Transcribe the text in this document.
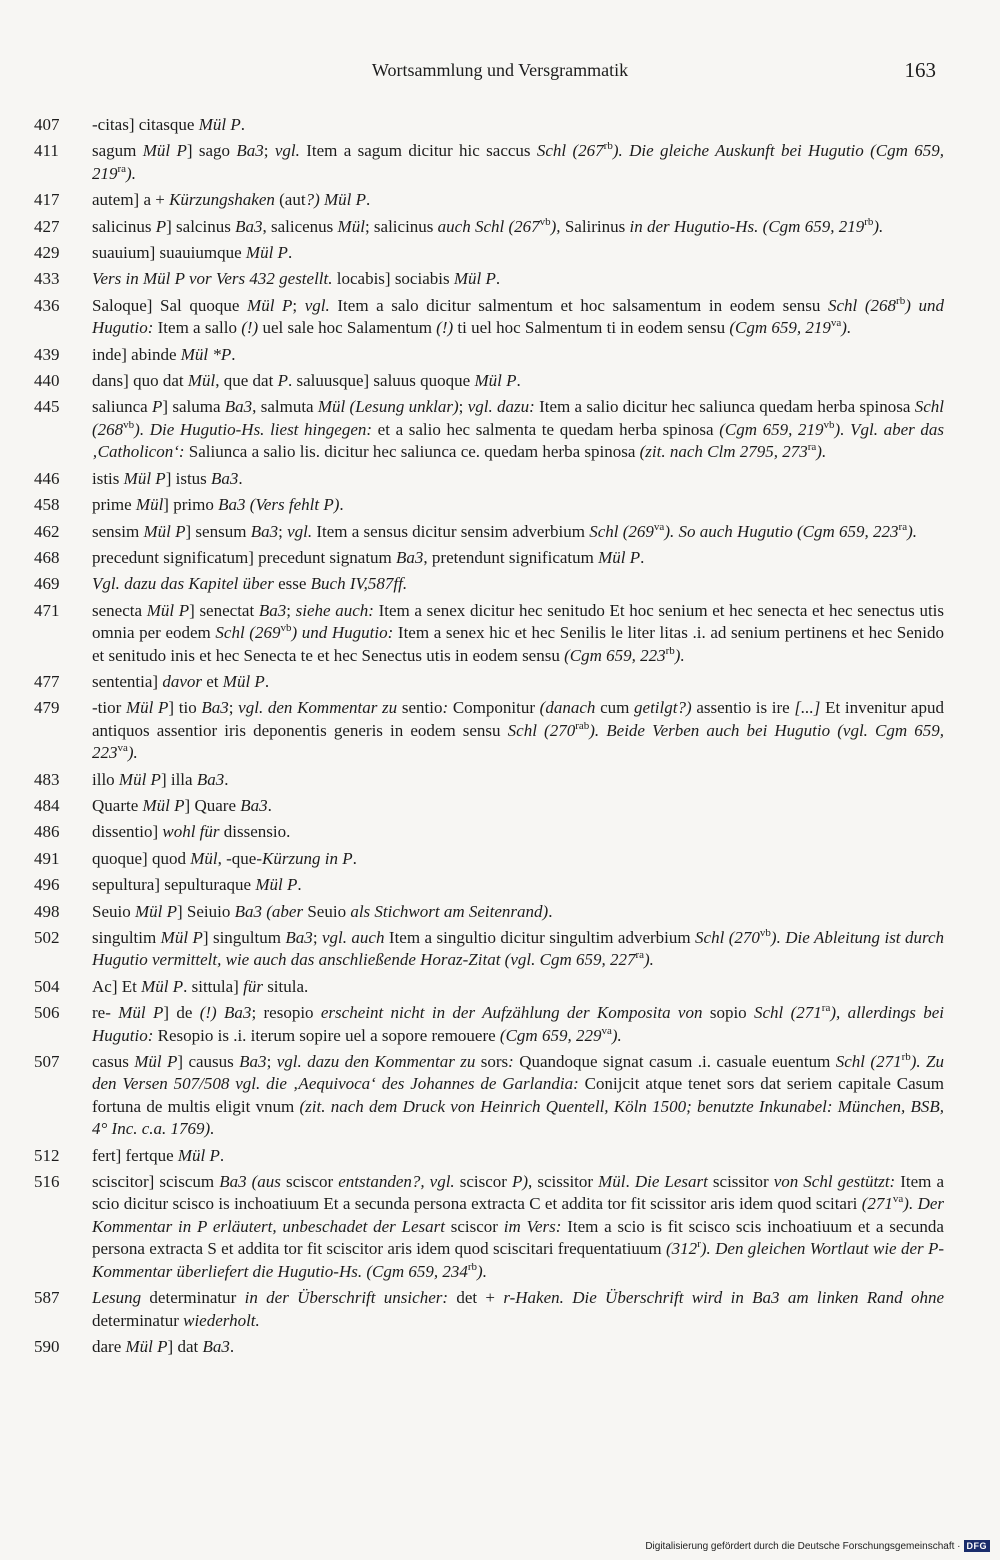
Wortsammlung und Versgrammatik	163
407	-citas] citasque Mül P.
411	sagum Mül P] sago Ba3; vgl. Item a sagum dicitur hic saccus Schl $(267^{rb})$. Die gleiche Auskunft bei Hugutio (Cgm 659, $219^{ra}$).
417	autem] a + Kürzungshaken (aut?) Mül P.
427	salicinus P] salcinus Ba3, salicenus Mül; salicinus auch Schl $(267^{vb})$, Salirinus in der Hugutio-Hs. (Cgm 659, $219^{rb}$).
429	suauium] suauiumque Mül P.
433	Vers in Mül P vor Vers 432 gestellt. locabis] sociabis Mül P.
436	Saloque] Sal quoque Mül P; vgl. Item a salo dicitur salmentum et hoc salsamentum in eodem sensu Schl $(268^{rb})$ und Hugutio: Item a sallo (!) uel sale hoc Salamentum (!) ti uel hoc Salmentum ti in eodem sensu (Cgm 659, $219^{va}$).
439	inde] abinde Mül *P.
440	dans] quo dat Mül, que dat P. saluusque] saluus quoque Mül P.
445	saliunca P] saluma Ba3, salmuta Mül (Lesung unklar); vgl. dazu: Item a salio dicitur hec saliunca quedam herba spinosa Schl $(268^{vb})$. Die Hugutio-Hs. liest hingegen: et a salio hec salmenta te quedam herba spinosa (Cgm 659, $219^{vb}$). Vgl. aber das ‚Catholicon‘: Saliunca a salio lis. dicitur hec saliunca ce. quedam herba spinosa (zit. nach Clm 2795, $273^{ra}$).
446	istis Mül P] istus Ba3.
458	prime Mül] primo Ba3 (Vers fehlt P).
462	sensim Mül P] sensum Ba3; vgl. Item a sensus dicitur sensim adverbium Schl $(269^{va})$. So auch Hugutio (Cgm 659, $223^{ra}$).
468	precedunt significatum] precedunt signatum Ba3, pretendunt significatum Mül P.
469	Vgl. dazu das Kapitel über esse Buch IV,587ff.
471	senecta Mül P] senectat Ba3; siehe auch: Item a senex dicitur hec senitudo Et hoc senium et hec senecta et hec senectus utis omnia per eodem Schl $(269^{vb})$ und Hugutio: Item a senex hic et hec Senilis le liter litas .i. ad senium pertinens et hec Senido et senitudo inis et hec Senecta te et hec Senectus utis in eodem sensu (Cgm 659, $223^{rb}$).
477	sententia] davor et Mül P.
479	-tior Mül P] tio Ba3; vgl. den Kommentar zu sentio: Componitur (danach cum getilgt?) assentio is ire [...] Et invenitur apud antiquos assentior iris deponentis generis in eodem sensu Schl $(270^{rab})$. Beide Verben auch bei Hugutio (vgl. Cgm 659, $223^{va}$).
483	illo Mül P] illa Ba3.
484	Quarte Mül P] Quare Ba3.
486	dissentio] wohl für dissensio.
491	quoque] quod Mül, -que-Kürzung in P.
496	sepultura] sepulturaque Mül P.
498	Seuio Mül P] Seiuio Ba3 (aber Seuio als Stichwort am Seitenrand).
502	singultim Mül P] singultum Ba3; vgl. auch Item a singultio dicitur singultim adverbium Schl $(270^{vb})$. Die Ableitung ist durch Hugutio vermittelt, wie auch das anschließende Horaz-Zitat (vgl. Cgm 659, $227^{ra}$).
504	Ac] Et Mül P. sittula] für situla.
506	re- Mül P] de (!) Ba3; resopio erscheint nicht in der Aufzählung der Komposita von sopio Schl $(271^{ra})$, allerdings bei Hugutio: Resopio is .i. iterum sopire uel a sopore remouere (Cgm 659, $229^{va}$).
507	casus Mül P] causus Ba3; vgl. dazu den Kommentar zu sors: Quandoque signat casum .i. casuale euentum Schl $(271^{rb})$. Zu den Versen 507/508 vgl. die ‚Aequivoca‘ des Johannes de Garlandia: Conijcit atque tenet sors dat seriem capitale Casum fortuna de multis eligit vnum (zit. nach dem Druck von Heinrich Quentell, Köln 1500; benutzte Inkunabel: München, BSB, 4° Inc. c.a. 1769).
512	fert] fertque Mül P.
516	sciscitor] sciscum Ba3 (aus sciscor entstanden?, vgl. sciscor P), scissitor Mül. Die Lesart scissitor von Schl gestützt: Item a scio dicitur scisco is inchoatiuum Et a secunda persona extracta C et addita tor fit scissitor aris idem quod scitari $(271^{va})$. Der Kommentar in P erläutert, unbeschadet der Lesart sciscor im Vers: Item a scio is fit scisco scis inchoatiuum et a secunda persona extracta S et addita tor fit sciscitor aris idem quod sciscitari frequentatiuum (312$^r$). Den gleichen Wortlaut wie der P-Kommentar überliefert die Hugutio-Hs. (Cgm 659, $234^{rb}$).
587	Lesung determinatur in der Überschrift unsicher: det + r-Haken. Die Überschrift wird in Ba3 am linken Rand ohne determinatur wiederholt.
590	dare Mül P] dat Ba3.
Digitalisierung gefördert durch die Deutsche Forschungsgemeinschaft · DFG
